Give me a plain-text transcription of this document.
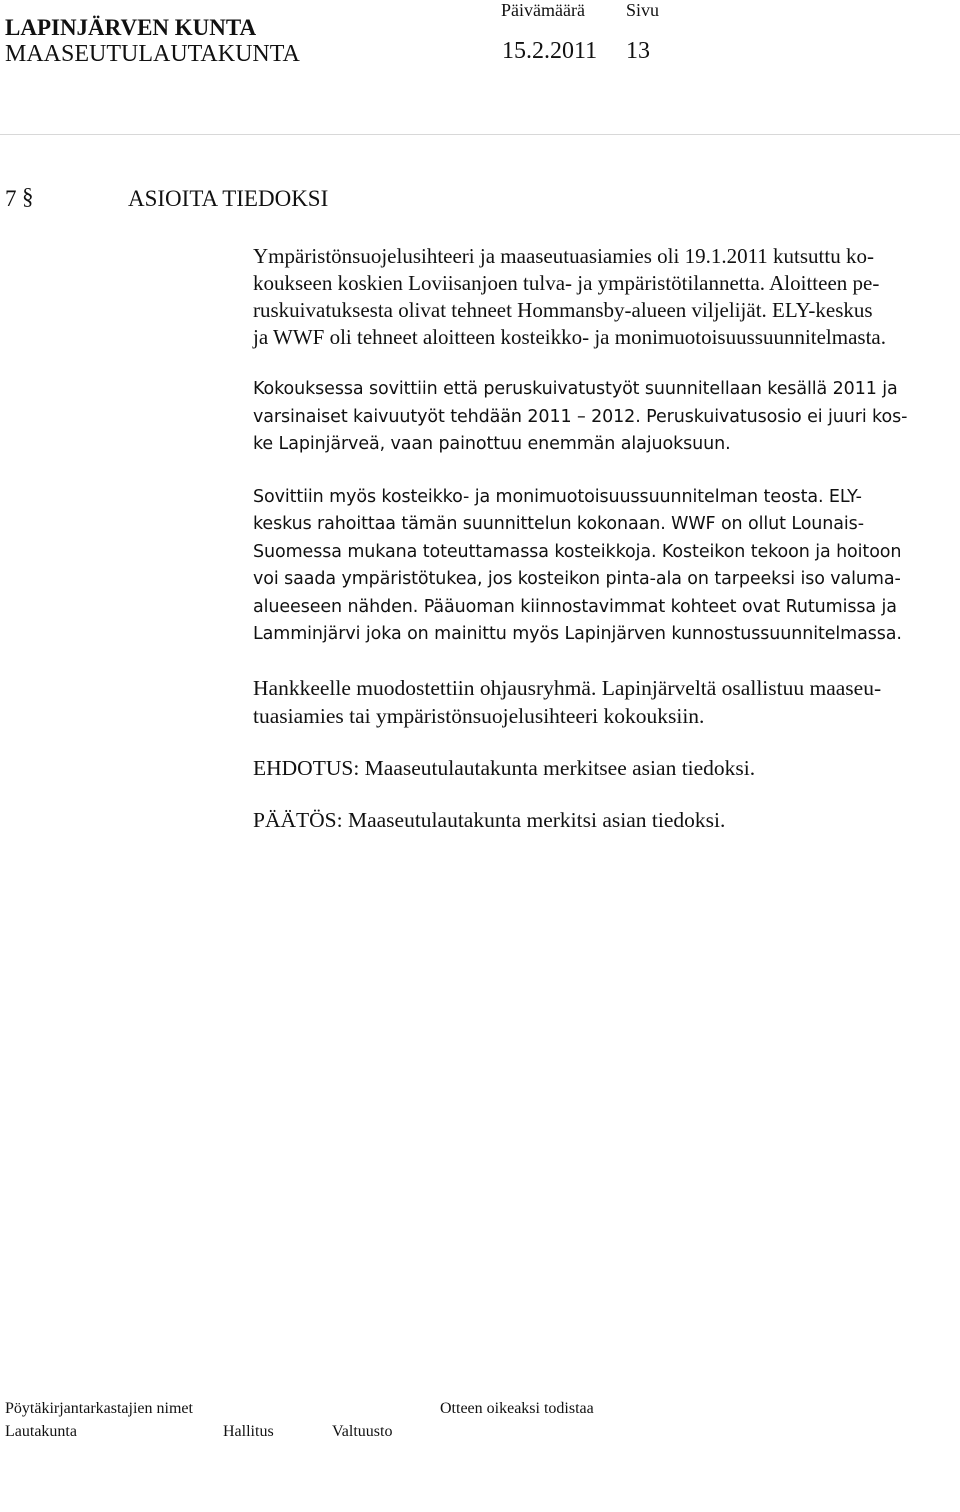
LAPINJÄRVEN KUNTA
MAASEUTULAUTAKUNTA
Päivämäärä Sivu
15.2.2011 13
7 §	ASIOITA TIEDOKSI

Ympäristönsuojelusihteeri ja maaseutuasiamies oli 19.1.2011 kutsuttu ko-
koukseen koskien Loviisanjoen tulva- ja ympäristötilannetta. Aloitteen pe-
ruskuivatuksesta olivat tehneet Hommansby-alueen viljelijät. ELY-keskus
ja WWF oli tehneet aloitteen kosteikko- ja monimuotoisuussuunnitelmasta.

Kokouksessa sovittiin että peruskuivatustyöt suunnitellaan kesällä 2011 ja
varsinaiset kaivuutyöt tehdään 2011 – 2012. Peruskuivatusosio ei juuri kos-
ke Lapinjärveä, vaan painottuu enemmän alajuoksuun.

Sovittiin myös kosteikko- ja monimuotoisuussuunnitelman teosta. ELY-
keskus rahoittaa tämän suunnittelun kokonaan. WWF on ollut Lounais-
Suomessa mukana toteuttamassa kosteikkoja. Kosteikon tekoon ja hoitoon
voi saada ympäristötukea, jos kosteikon pinta-ala on tarpeeksi iso valuma-
alueeseen nähden. Pääuoman kiinnostavimmat kohteet ovat Rutumissa ja
Lamminjärvi joka on mainittu myös Lapinjärven kunnostussuunnitelmassa.

Hankkeelle muodostettiin ohjausryhmä. Lapinjärveltä osallistuu maaseu-
tuasiamies tai ympäristönsuojelusihteeri kokouksiin.

EHDOTUS: Maaseutulautakunta merkitsee asian tiedoksi.

PÄÄTÖS: Maaseutulautakunta merkitsi asian tiedoksi.

Pöytäkirjantarkastajien nimet	Otteen oikeaksi todistaa
Lautakunta	Hallitus	Valtuusto
